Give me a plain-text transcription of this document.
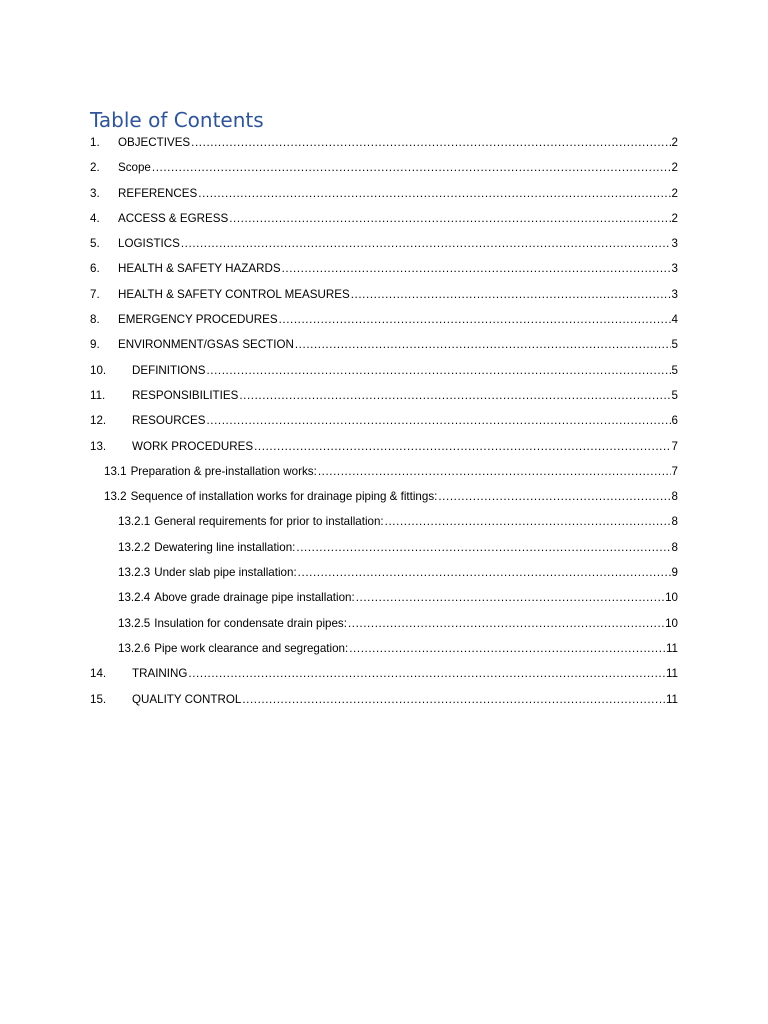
Table of Contents
1.	OBJECTIVES .....	2
2.	Scope .....	2
3.	REFERENCES .....	2
4.	ACCESS & EGRESS .....	2
5.	LOGISTICS .....	3
6.	HEALTH & SAFETY HAZARDS .....	3
7.	HEALTH & SAFETY CONTROL MEASURES .....	3
8.	EMERGENCY PROCEDURES .....	4
9.	ENVIRONMENT/GSAS SECTION .....	5
10.	DEFINITIONS .....	5
11.	RESPONSIBILITIES .....	5
12.	RESOURCES .....	6
13.	WORK PROCEDURES .....	7
13.1 Preparation & pre-installation works: .....	7
13.2 Sequence of installation works for drainage piping & fittings: .....	8
13.2.1 General requirements for prior to installation: .....	8
13.2.2 Dewatering line installation: .....	8
13.2.3 Under slab pipe installation: .....	9
13.2.4 Above grade drainage pipe installation: .....	10
13.2.5 Insulation for condensate drain pipes: .....	10
13.2.6 Pipe work clearance and segregation: .....	11
14.	TRAINING .....	11
15.	QUALITY CONTROL .....	11
